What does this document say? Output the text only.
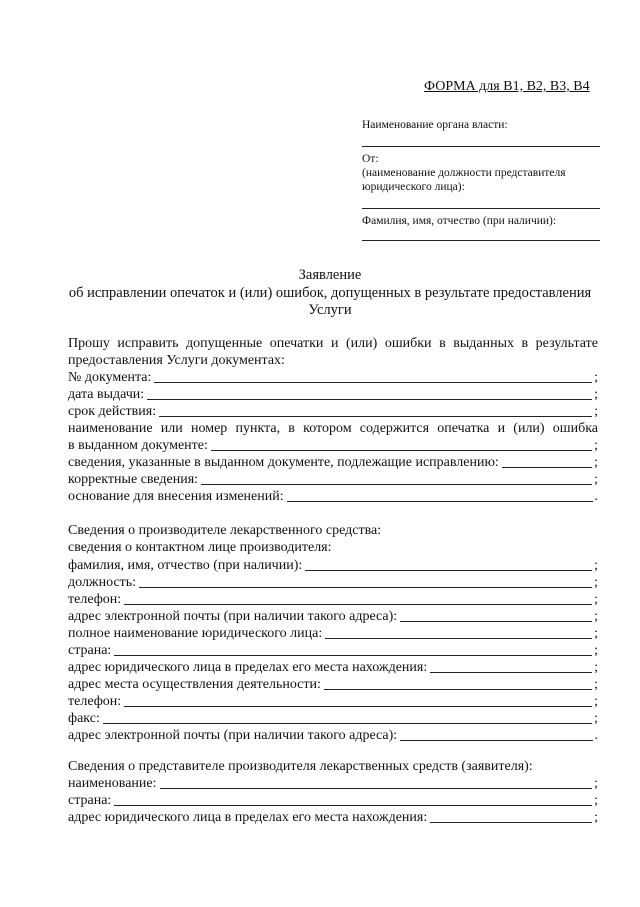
ФОРМА для B1, B2, B3, B4
Наименование органа власти:
От:
(наименование должности представителя юридического лица):
Фамилия, имя, отчество (при наличии):
Заявление
об исправлении опечаток и (или) ошибок, допущенных в результате предоставления
Услуги
Прошу исправить допущенные опечатки и (или) ошибки в выданных в результате предоставления Услуги документах:
№ документа:	;
дата выдачи:	;
срок действия:	;
наименование или номер пункта, в котором содержится опечатка и (или) ошибка
в выданном документе:	;
сведения, указанные в выданном документе, подлежащие исправлению:	;
корректные сведения:	;
основание для внесения изменений:	.
Сведения о производителе лекарственного средства:
сведения о контактном лице производителя:
фамилия, имя, отчество (при наличии):	;
должность:	;
телефон:	;
адрес электронной почты (при наличии такого адреса):	;
полное наименование юридического лица:	;
страна:	;
адрес юридического лица в пределах его места нахождения:	;
адрес места осуществления деятельности:	;
телефон:	;
факс:	;
адрес электронной почты (при наличии такого адреса):	.
Сведения о представителе производителя лекарственных средств (заявителя):
наименование:	;
страна:	;
адрес юридического лица в пределах его места нахождения:	;
